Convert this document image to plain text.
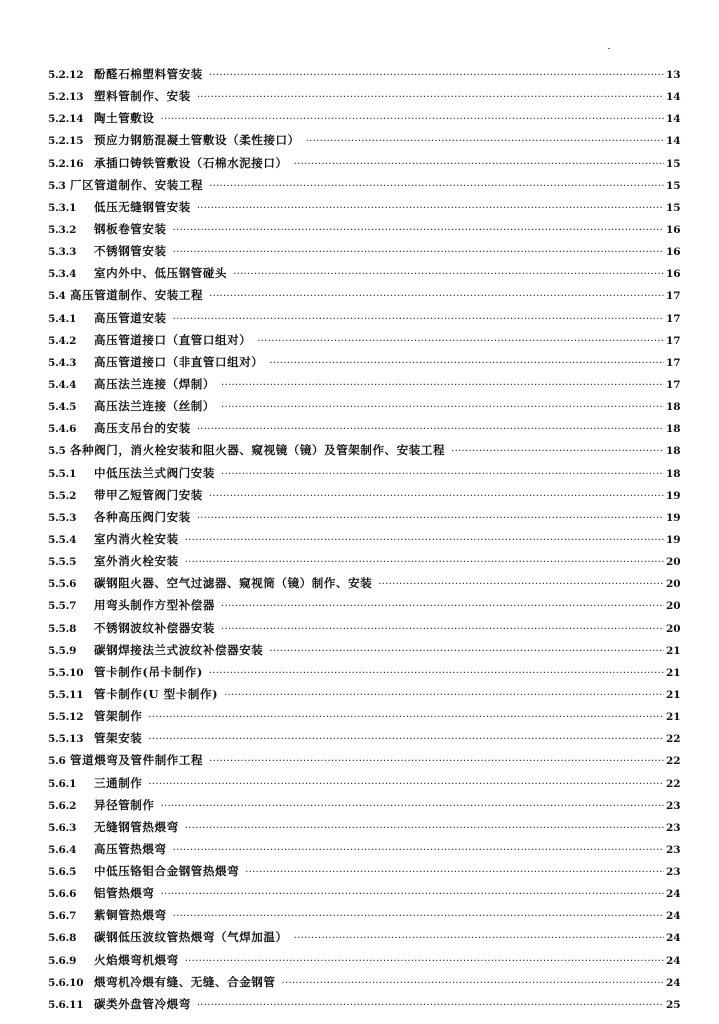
5.2.12 酚醛石棉塑料管安装 ·····	13
5.2.13 塑料管制作、安装 ·····	14
5.2.14 陶土管敷设 ·····	14
5.2.15 预应力钢筋混凝土管敷设（柔性接口） ·····	14
5.2.16 承插口铸铁管敷设（石棉水泥接口） ·····	15
5.3 厂区管道制作、安装工程 ·····	15
5.3.1	低压无缝钢管安装 ·····	15
5.3.2	钢板卷管安装 ·····	16
5.3.3	不锈钢管安装 ·····	16
5.3.4	室内外中、低压钢管碰头 ·····	16
5.4 高压管道制作、安装工程 ·····	17
5.4.1	高压管道安装 ·····	17
5.4.2	高压管道接口（直管口组对） ·····	17
5.4.3	高压管道接口（非直管口组对） ·····	17
5.4.4	高压法兰连接（焊制） ·····	17
5.4.5	高压法兰连接（丝制） ·····	18
5.4.6	高压支吊台的安装 ·····	18
5.5 各种阀门，消火栓安装和阻火器、窥视镜（镜）及管架制作、安装工程 ·····	18
5.5.1	中低压法兰式阀门安装 ·····	18
5.5.2	带甲乙短管阀门安装 ·····	19
5.5.3	各种高压阀门安装 ·····	19
5.5.4	室内消火栓安装 ·····	19
5.5.5	室外消火栓安装 ·····	20
5.5.6	碳钢阻火器、空气过滤器、窥视筒（镜）制作、安装 ·····	20
5.5.7	用弯头制作方型补偿器 ·····	20
5.5.8	不锈钢波纹补偿器安装 ·····	20
5.5.9	碳钢焊接法兰式波纹补偿器安装 ·····	21
5.5.10 管卡制作(吊卡制作) ·····	21
5.5.11 管卡制作(U 型卡制作) ·····	21
5.5.12 管架制作 ·····	21
5.5.13 管架安装 ·····	22
5.6 管道煨弯及管件制作工程 ·····	22
5.6.1	三通制作 ·····	22
5.6.2	异径管制作 ·····	23
5.6.3	无缝钢管热煨弯 ·····	23
5.6.4	高压管热煨弯 ·····	23
5.6.5	中低压铬钼合金钢管热煨弯 ·····	23
5.6.6	铝管热煨弯 ·····	24
5.6.7	紫铜管热煨弯 ·····	24
5.6.8	碳钢低压波纹管热煨弯（气焊加温） ·····	24
5.6.9	火焰煨弯机煨弯 ·····	24
5.6.10 煨弯机冷煨有缝、无缝、合金钢管 ·····	24
5.6.11 碳类外盘管冷煨弯 ·····	25
